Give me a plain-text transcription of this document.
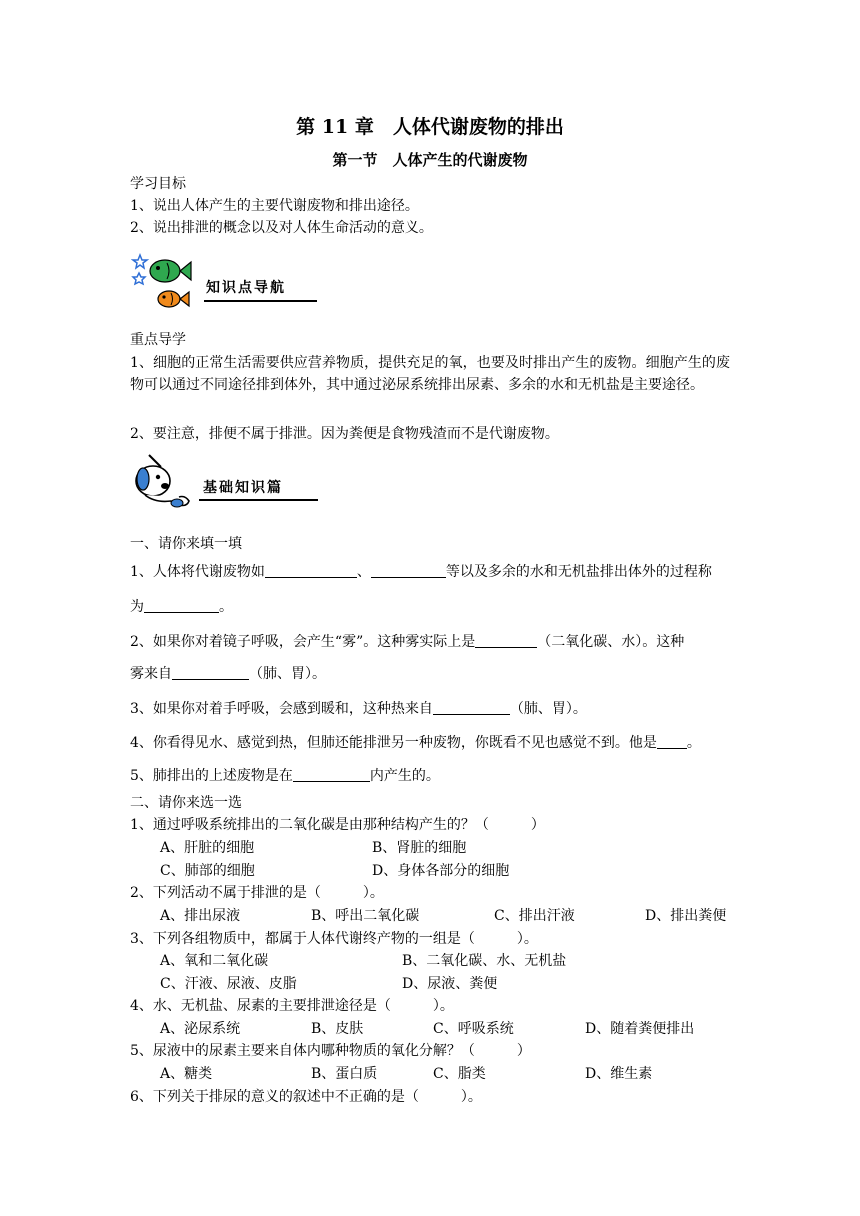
第 11 章　人体代谢废物的排出
第一节　人体产生的代谢废物
学习目标
1、说出人体产生的主要代谢废物和排出途径。
2、说出排泄的概念以及对人体生命活动的意义。
知识点导航
重点导学
1、细胞的正常生活需要供应营养物质，提供充足的氧，也要及时排出产生的废物。细胞产生的废物可以通过不同途径排到体外，其中通过泌尿系统排出尿素、多余的水和无机盐是主要途径。
2、要注意，排便不属于排泄。因为粪便是食物残渣而不是代谢废物。
基础知识篇
一、请你来填一填
1、人体将代谢废物如	、	等以及多余的水和无机盐排出体外的过程称
为	。
2、如果你对着镜子呼吸，会产生“雾”。这种雾实际上是	（二氧化碳、水）。这种
雾来自	（肺、胃）。
3、如果你对着手呼吸，会感到暖和，这种热来自	（肺、胃）。
4、你看得见水、感觉到热，但肺还能排泄另一种废物，你既看不见也感觉不到。他是 。
5、肺排出的上述废物是在	内产生的。
二、请你来选一选
1、通过呼吸系统排出的二氧化碳是由那种结构产生的？（　　　）
A、肝脏的细胞	B、肾脏的细胞
C、肺部的细胞	D、身体各部分的细胞
2、下列活动不属于排泄的是（　　　）。
A、排出尿液	B、呼出二氧化碳	C、排出汗液	D、排出粪便
3、下列各组物质中，都属于人体代谢终产物的一组是（　　　）。
A、氧和二氧化碳	B、二氧化碳、水、无机盐
C、汗液、尿液、皮脂	D、尿液、粪便
4、水、无机盐、尿素的主要排泄途径是（　　　）。
A、泌尿系统	B、皮肤	C、呼吸系统	D、随着粪便排出
5、尿液中的尿素主要来自体内哪种物质的氧化分解？（　　　）
A、糖类	B、蛋白质	C、脂类	D、维生素
6、下列关于排尿的意义的叙述中不正确的是（　　　）。
